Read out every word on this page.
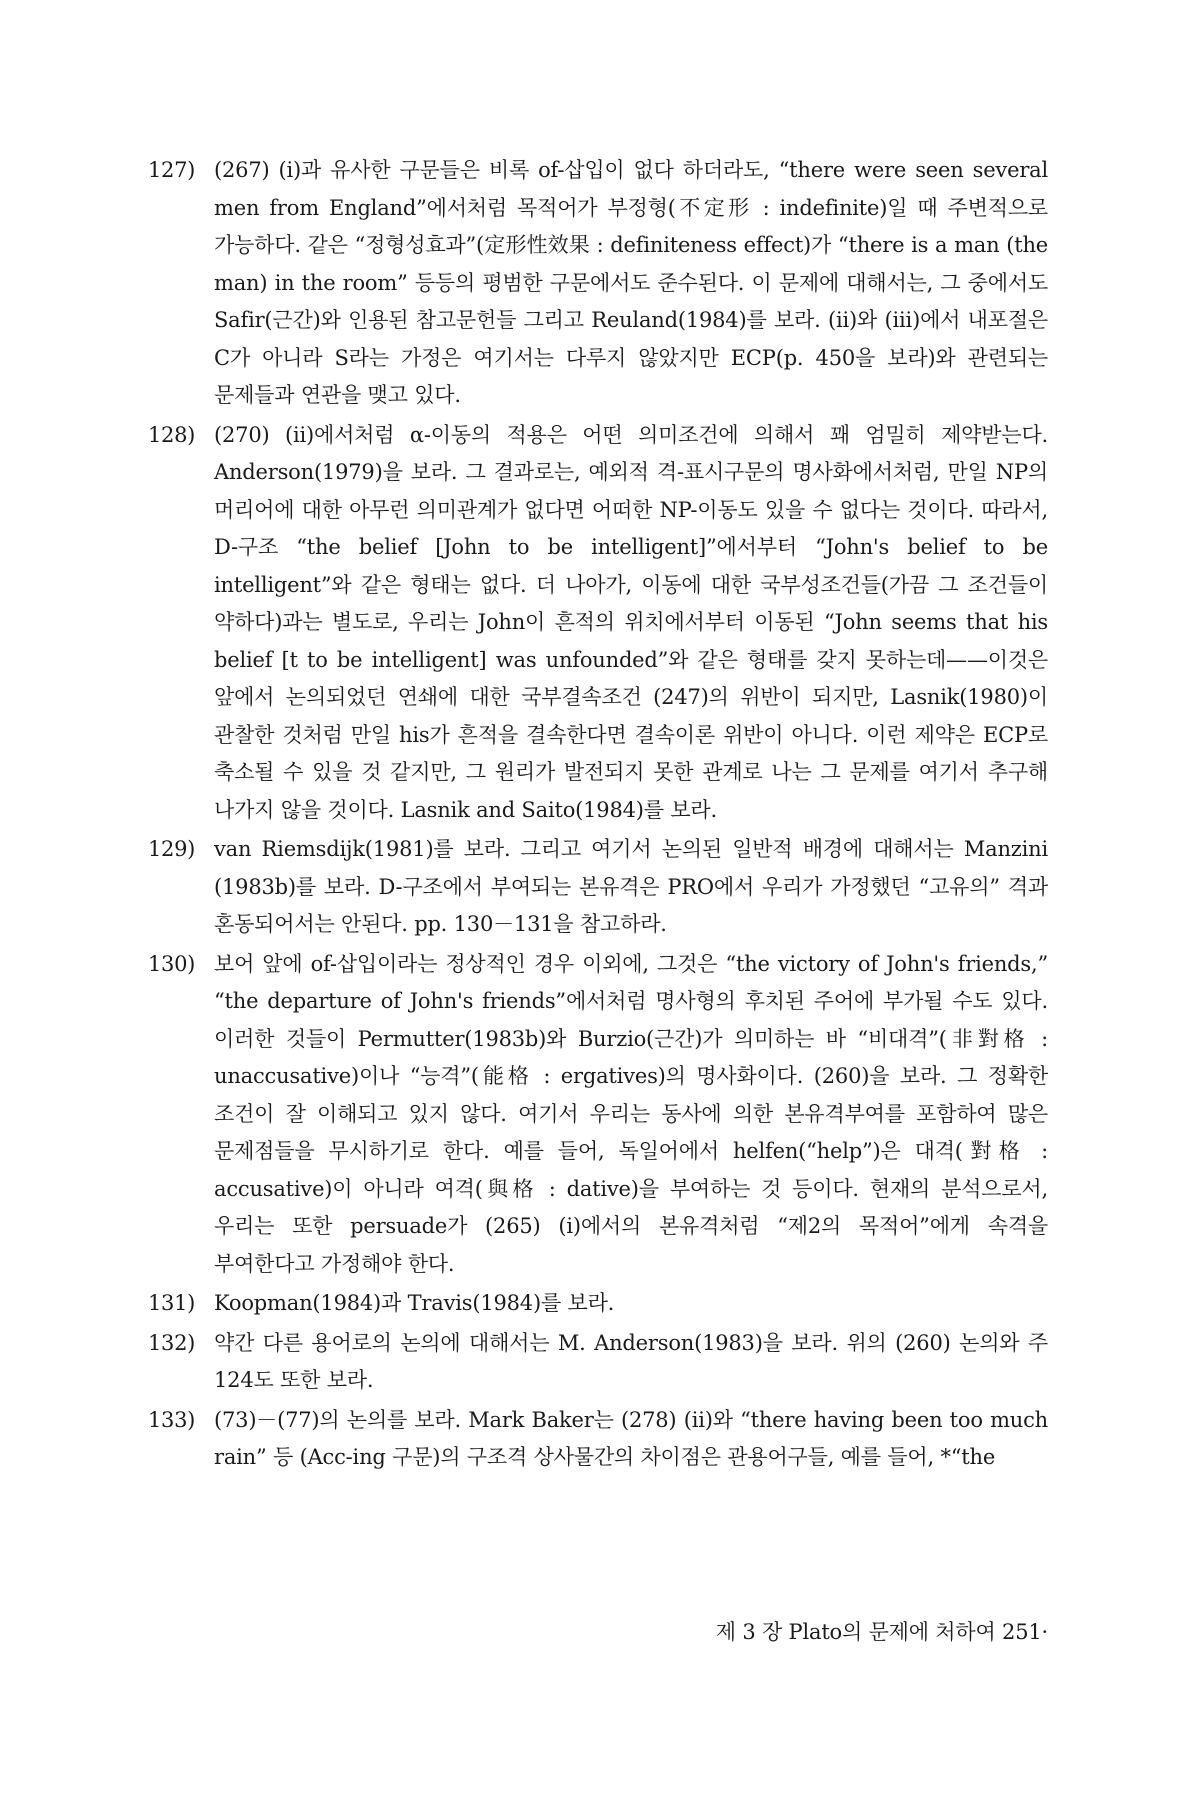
127) (267) (i)과 유사한 구문들은 비록 of-삽입이 없다 하더라도, “there were seen several men from England”에서처럼 목적어가 부정형(不定形 : indefinite)일 때 주변적으로 가능하다. 같은 “정형성효과”(定形性效果 : definiteness effect)가 “there is a man (the man) in the room” 등등의 평범한 구문에서도 준수된다. 이 문제에 대해서는, 그 중에서도 Safir(근간)와 인용된 참고문헌들 그리고 Reuland(1984)를 보라. (ii)와 (iii)에서 내포절은 C가 아니라 S라는 가정은 여기서는 다루지 않았지만 ECP(p. 450을 보라)와 관련되는 문제들과 연관을 맺고 있다.
128) (270) (ii)에서처럼 α-이동의 적용은 어떤 의미조건에 의해서 꽤 엄밀히 제약받는다. Anderson(1979)을 보라. 그 결과로는, 예외적 격-표시구문의 명사화에서처럼, 만일 NP의 머리어에 대한 아무런 의미관계가 없다면 어떠한 NP-이동도 있을 수 없다는 것이다. 따라서, D-구조 “the belief [John to be intelligent]”에서부터 “John's belief to be intelligent”와 같은 형태는 없다. 더 나아가, 이동에 대한 국부성조건들(가끔 그 조건들이 약하다)과는 별도로, 우리는 John이 흔적의 위치에서부터 이동된 “John seems that his belief [t to be intelligent] was unfounded”와 같은 형태를 갖지 못하는데——이것은 앞에서 논의되었던 연쇄에 대한 국부결속조건 (247)의 위반이 되지만, Lasnik(1980)이 관찰한 것처럼 만일 his가 흔적을 결속한다면 결속이론 위반이 아니다. 이런 제약은 ECP로 축소될 수 있을 것 같지만, 그 원리가 발전되지 못한 관계로 나는 그 문제를 여기서 추구해 나가지 않을 것이다. Lasnik and Saito(1984)를 보라.
129) van Riemsdijk(1981)를 보라. 그리고 여기서 논의된 일반적 배경에 대해서는 Manzini (1983b)를 보라. D-구조에서 부여되는 본유격은 PRO에서 우리가 가정했던 “고유의” 격과 혼동되어서는 안된다. pp. 130－131을 참고하라.
130) 보어 앞에 of-삽입이라는 정상적인 경우 이외에, 그것은 “the victory of John's friends,” “the departure of John's friends”에서처럼 명사형의 후치된 주어에 부가될 수도 있다. 이러한 것들이 Permutter(1983b)와 Burzio(근간)가 의미하는 바 “비대격”(非對格 : unaccusative)이나 “능격”(能格 : ergatives)의 명사화이다. (260)을 보라. 그 정확한 조건이 잘 이해되고 있지 않다. 여기서 우리는 동사에 의한 본유격부여를 포함하여 많은 문제점들을 무시하기로 한다. 예를 들어, 독일어에서 helfen(“help”)은 대격(對格 : accusative)이 아니라 여격(與格 : dative)을 부여하는 것 등이다. 현재의 분석으로서, 우리는 또한 persuade가 (265) (i)에서의 본유격처럼 “제2의 목적어”에게 속격을 부여한다고 가정해야 한다.
131) Koopman(1984)과 Travis(1984)를 보라.
132) 약간 다른 용어로의 논의에 대해서는 M. Anderson(1983)을 보라. 위의 (260) 논의와 주 124도 또한 보라.
133) (73)－(77)의 논의를 보라. Mark Baker는 (278) (ii)와 “there having been too much rain” 등 (Acc-ing 구문)의 구조격 상사물간의 차이점은 관용어구들, 예를 들어, *“the
제 3 장 Plato의 문제에 처하여 251·
